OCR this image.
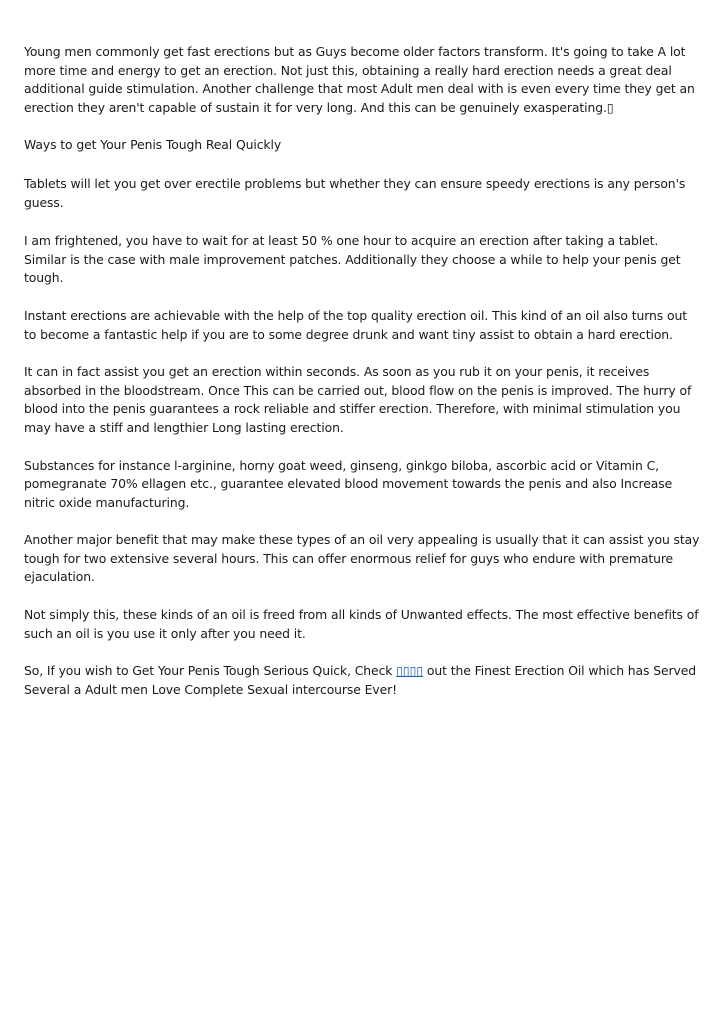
Young men commonly get fast erections but as Guys become older factors transform. It's going to take A lot more time and energy to get an erection. Not just this, obtaining a really hard erection needs a great deal additional guide stimulation. Another challenge that most Adult men deal with is even every time they get an erection they aren't capable of sustain it for very long. And this can be genuinely exasperating.▯

Ways to get Your Penis Tough Real Quickly

Tablets will let you get over erectile problems but whether they can ensure speedy erections is any person's guess.

I am frightened, you have to wait for at least 50 % one hour to acquire an erection after taking a tablet. Similar is the case with male improvement patches. Additionally they choose a while to help your penis get tough.

Instant erections are achievable with the help of the top quality erection oil. This kind of an oil also turns out to become a fantastic help if you are to some degree drunk and want tiny assist to obtain a hard erection.

It can in fact assist you get an erection within seconds. As soon as you rub it on your penis, it receives absorbed in the bloodstream. Once This can be carried out, blood flow on the penis is improved. The hurry of blood into the penis guarantees a rock reliable and stiffer erection. Therefore, with minimal stimulation you may have a stiff and lengthier Long lasting erection.

Substances for instance l-arginine, horny goat weed, ginseng, ginkgo biloba, ascorbic acid or Vitamin C, pomegranate 70% ellagen etc., guarantee elevated blood movement towards the penis and also Increase nitric oxide manufacturing.

Another major benefit that may make these types of an oil very appealing is usually that it can assist you stay tough for two extensive several hours. This can offer enormous relief for guys who endure with premature ejaculation.

Not simply this, these kinds of an oil is freed from all kinds of Unwanted effects. The most effective benefits of such an oil is you use it only after you need it.

So, If you wish to Get Your Penis Tough Serious Quick, Check ▯▯▯▯ out the Finest Erection Oil which has Served Several a Adult men Love Complete Sexual intercourse Ever!
